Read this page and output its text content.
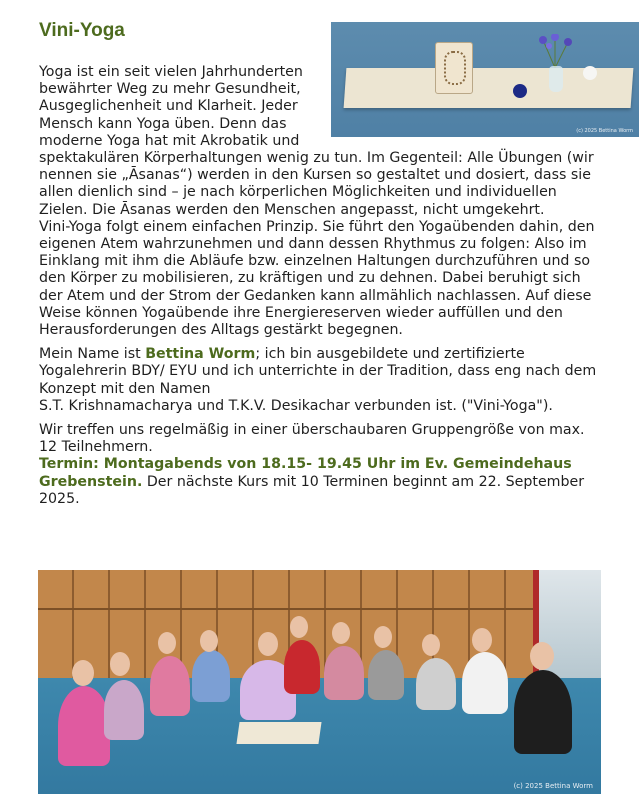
Vini-Yoga
(c) 2025 Bettina Worm

Yoga ist ein seit vielen Jahrhunderten bewährter Weg zu mehr Gesundheit, Ausgeglichenheit und Klarheit. Jeder Mensch kann Yoga üben. Denn das moderne Yoga hat mit Akrobatik und spektakulären Körperhaltungen wenig zu tun. Im Gegenteil: Alle Übungen (wir nennen sie „Āsanas“) werden in den Kursen so gestaltet und dosiert, dass sie allen dienlich sind – je nach körperlichen Möglichkeiten und individuellen Zielen. Die Āsanas werden den Menschen angepasst, nicht umgekehrt.

Vini-Yoga folgt einem einfachen Prinzip. Sie führt den Yogaübenden dahin, den eigenen Atem wahrzunehmen und dann dessen Rhythmus zu folgen: Also im Einklang mit ihm die Abläufe bzw. einzelnen Haltungen durchzuführen und so den Körper zu mobilisieren, zu kräftigen und zu dehnen. Dabei beruhigt sich der Atem und der Strom der Gedanken kann allmählich nachlassen. Auf diese Weise können Yogaübende ihre Energiereserven wieder auffüllen und den Herausforderungen des Alltags gestärkt begegnen.

Mein Name ist Bettina Worm; ich bin ausgebildete und zertifizierte Yogalehrerin BDY/ EYU und ich unterrichte in der Tradition, dass eng nach dem Konzept mit den Namen
S.T. Krishnamacharya und T.K.V. Desikachar verbunden ist. ("Vini-Yoga").

Wir treffen uns regelmäßig in einer überschaubaren Gruppengröße von max. 12 Teilnehmern.
Termin: Montagabends von 18.15- 19.45 Uhr im Ev. Gemeindehaus Grebenstein. Der nächste Kurs mit 10 Terminen beginnt am 22. September 2025.

(c) 2025 Bettina Worm
